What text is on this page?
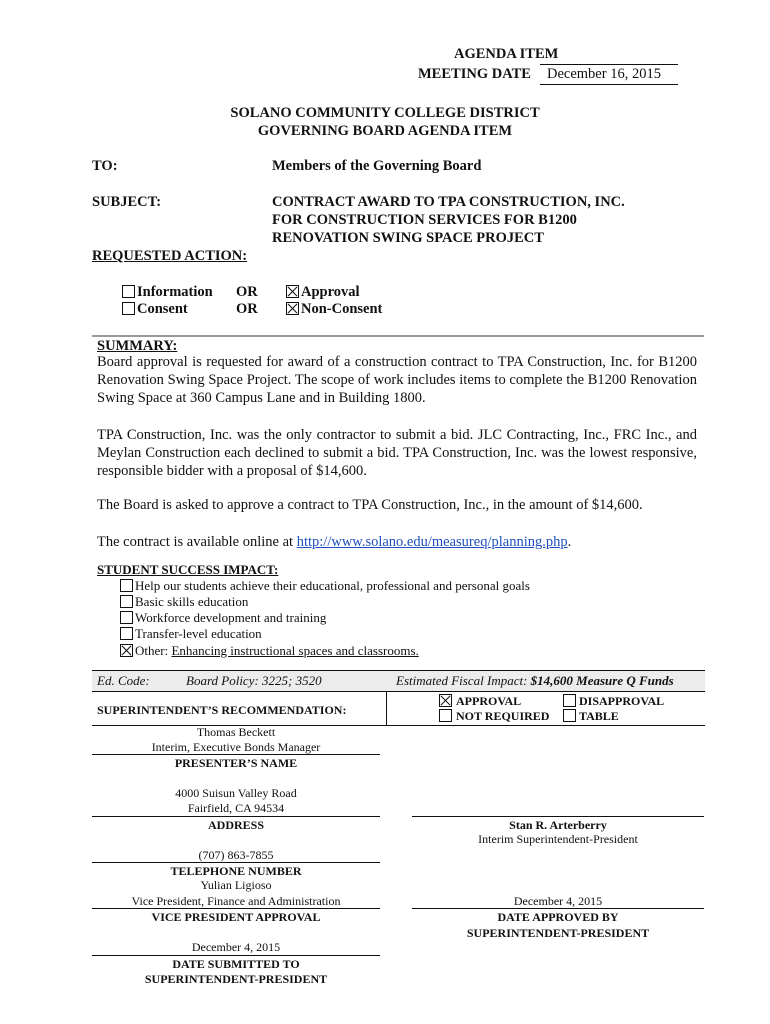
AGENDA ITEM
MEETING DATE December 16, 2015
SOLANO COMMUNITY COLLEGE DISTRICT
GOVERNING BOARD AGENDA ITEM
TO:	Members of the Governing Board
SUBJECT:	CONTRACT AWARD TO TPA CONSTRUCTION, INC.
FOR CONSTRUCTION SERVICES FOR B1200
RENOVATION SWING SPACE PROJECT
REQUESTED ACTION:
Information OR	Approval
Consent	OR	Non-Consent
SUMMARY:
Board approval is requested for award of a construction contract to TPA Construction, Inc. for B1200 Renovation Swing Space Project. The scope of work includes items to complete the B1200 Renovation Swing Space at 360 Campus Lane and in Building 1800.
TPA Construction, Inc. was the only contractor to submit a bid. JLC Contracting, Inc., FRC Inc., and Meylan Construction each declined to submit a bid. TPA Construction, Inc. was the lowest responsive, responsible bidder with a proposal of $14,600.
The Board is asked to approve a contract to TPA Construction, Inc., in the amount of $14,600.
The contract is available online at http://www.solano.edu/measureq/planning.php.
STUDENT SUCCESS IMPACT:
Help our students achieve their educational, professional and personal goals
Basic skills education
Workforce development and training
Transfer-level education
Other: Enhancing instructional spaces and classrooms.
Ed. Code:	Board Policy: 3225; 3520	Estimated Fiscal Impact: $14,600 Measure Q Funds
SUPERINTENDENT’S RECOMMENDATION:
APPROVAL	DISAPPROVAL
NOT REQUIRED TABLE
Thomas Beckett
Interim, Executive Bonds Manager
PRESENTER’S NAME
4000 Suisun Valley Road
Fairfield, CA 94534
ADDRESS
(707) 863-7855
TELEPHONE NUMBER
Yulian Ligioso
Vice President, Finance and Administration
VICE PRESIDENT APPROVAL
December 4, 2015
DATE SUBMITTED TO
SUPERINTENDENT-PRESIDENT
Stan R. Arterberry
Interim Superintendent-President
December 4, 2015
DATE APPROVED BY
SUPERINTENDENT-PRESIDENT
